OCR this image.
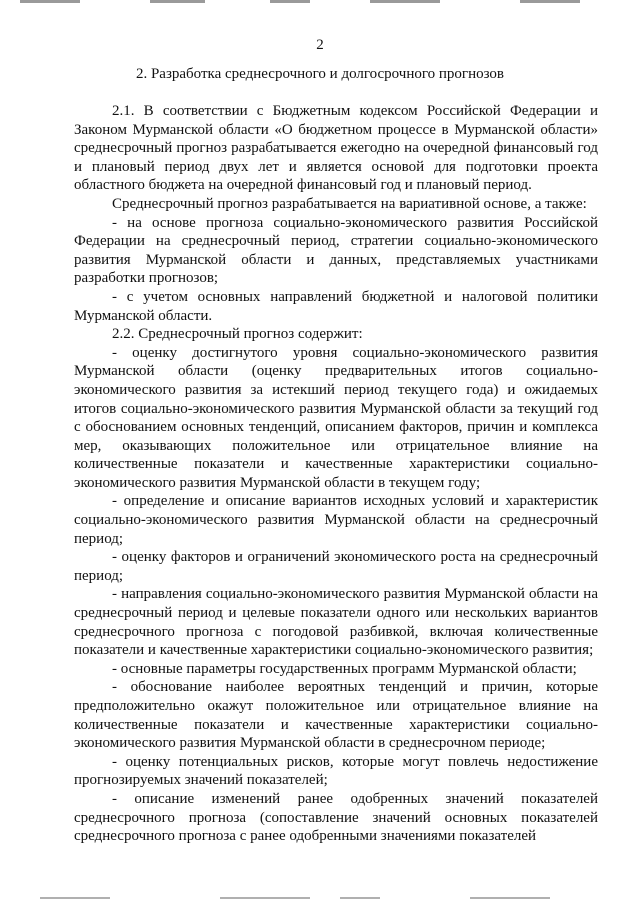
2
2. Разработка среднесрочного и долгосрочного прогнозов

2.1. В соответствии с Бюджетным кодексом Российской Федерации и Законом Мурманской области «О бюджетном процессе в Мурманской области» среднесрочный прогноз разрабатывается ежегодно на очередной финансовый год и плановый период двух лет и является основой для подготовки проекта областного бюджета на очередной финансовый год и плановый период.

Среднесрочный прогноз разрабатывается на вариативной основе, а также:

- на основе прогноза социально-экономического развития Российской Федерации на среднесрочный период, стратегии социально-экономического развития Мурманской области и данных, представляемых участниками разработки прогнозов;

- с учетом основных направлений бюджетной и налоговой политики Мурманской области.

2.2. Среднесрочный прогноз содержит:

- оценку достигнутого уровня социально-экономического развития Мурманской области (оценку предварительных итогов социально-экономического развития за истекший период текущего года) и ожидаемых итогов социально-экономического развития Мурманской области за текущий год с обоснованием основных тенденций, описанием факторов, причин и комплекса мер, оказывающих положительное или отрицательное влияние на количественные показатели и качественные характеристики социально-экономического развития Мурманской области в текущем году;

- определение и описание вариантов исходных условий и характеристик социально-экономического развития Мурманской области на среднесрочный период;

- оценку факторов и ограничений экономического роста на среднесрочный период;

- направления социально-экономического развития Мурманской области на среднесрочный период и целевые показатели одного или нескольких вариантов среднесрочного прогноза с погодовой разбивкой, включая количественные показатели и качественные характеристики социально-экономического развития;

- основные параметры государственных программ Мурманской области;

- обоснование наиболее вероятных тенденций и причин, которые предположительно окажут положительное или отрицательное влияние на количественные показатели и качественные характеристики социально-экономического развития Мурманской области в среднесрочном периоде;

- оценку потенциальных рисков, которые могут повлечь недостижение прогнозируемых значений показателей;

- описание изменений ранее одобренных значений показателей среднесрочного прогноза (сопоставление значений основных показателей среднесрочного прогноза с ранее одобренными значениями показателей
